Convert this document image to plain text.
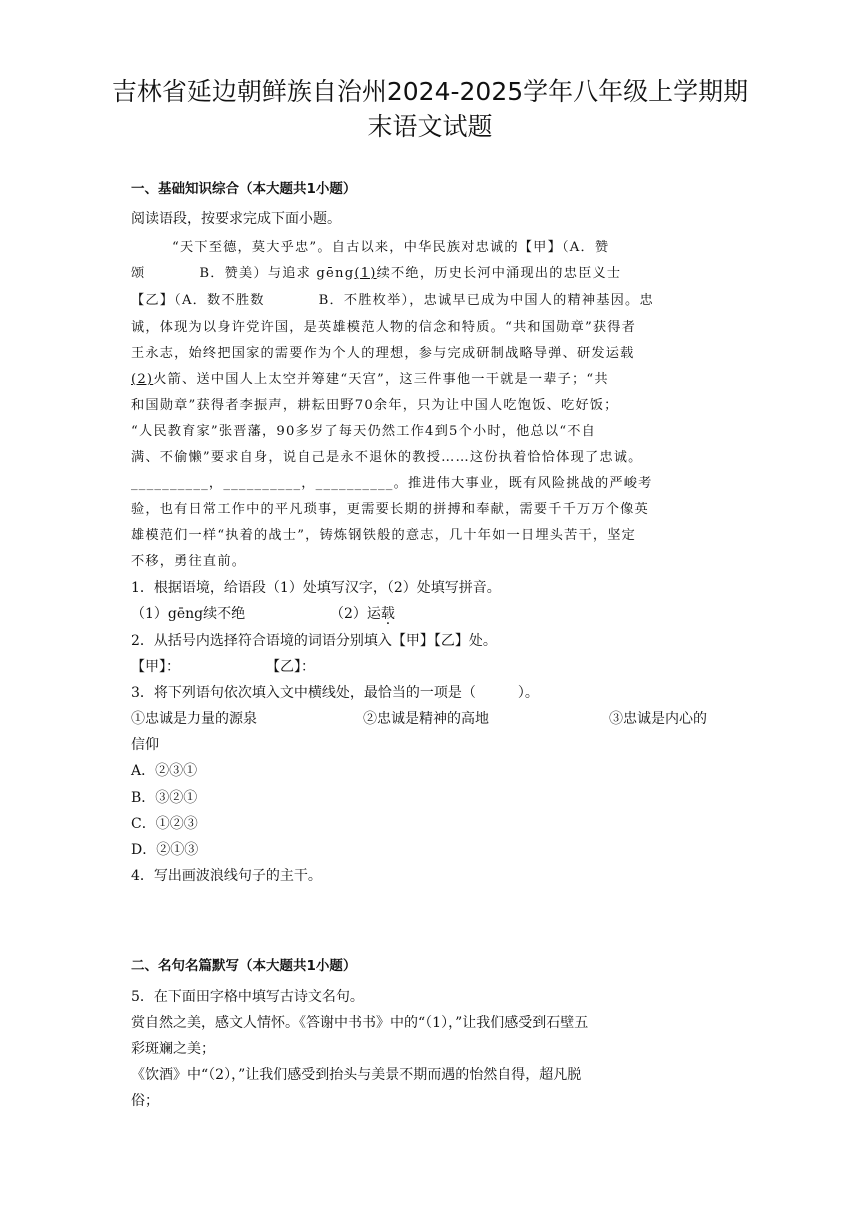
吉林省延边朝鲜族自治州2024-2025学年八年级上学期期
末语文试题
一、基础知识综合（本大题共1小题）
阅读语段，按要求完成下面小题。
“天下至德，莫大乎忠”。自古以来，中华民族对忠诚的【甲】（A．赞
颂	B．赞美）与追求 gēng(1)续不绝，历史长河中涌现出的忠臣义士
【乙】（A．数不胜数	B．不胜枚举），忠诚早已成为中国人的精神基因。忠
诚，体现为以身许党许国，是英雄模范人物的信念和特质。“共和国勋章”获得者
王永志，始终把国家的需要作为个人的理想，参与完成研制战略导弹、研发运载
(2)火箭、送中国人上太空并筹建“天宫”，这三件事他一干就是一辈子；“共
和国勋章”获得者李振声，耕耘田野70余年，只为让中国人吃饱饭、吃好饭；
“人民教育家”张晋藩，90多岁了每天仍然工作4到5个小时，他总以“不自
满、不偷懒”要求自身，说自己是永不退休的教授……这份执着恰恰体现了忠诚。
__________，__________，__________。推进伟大事业，既有风险挑战的严峻考
验，也有日常工作中的平凡琐事，更需要长期的拼搏和奉献，需要千千万万个像英
雄模范们一样“执着的战士”，铸炼钢铁般的意志，几十年如一日埋头苦干，坚定
不移，勇往直前。
1．根据语境，给语段（1）处填写汉字，（2）处填写拼音。
（1）gēng续不绝	（2）运载
2．从括号内选择符合语境的词语分别填入【甲】【乙】处。
【甲】：	【乙】：
3．将下列语句依次填入文中横线处，最恰当的一项是（　　　）。
①忠诚是力量的源泉	②忠诚是精神的高地	③忠诚是内心的
信仰
A．②③①
B．③②①
C．①②③
D．②①③
4．写出画波浪线句子的主干。
二、名句名篇默写（本大题共1小题）
5．在下面田字格中填写古诗文名句。
赏自然之美，感文人情怀。《答谢中书书》中的“（1），”让我们感受到石壁五
彩斑斓之美；
《饮酒》中“（2），”让我们感受到抬头与美景不期而遇的怡然自得，超凡脱
俗；
